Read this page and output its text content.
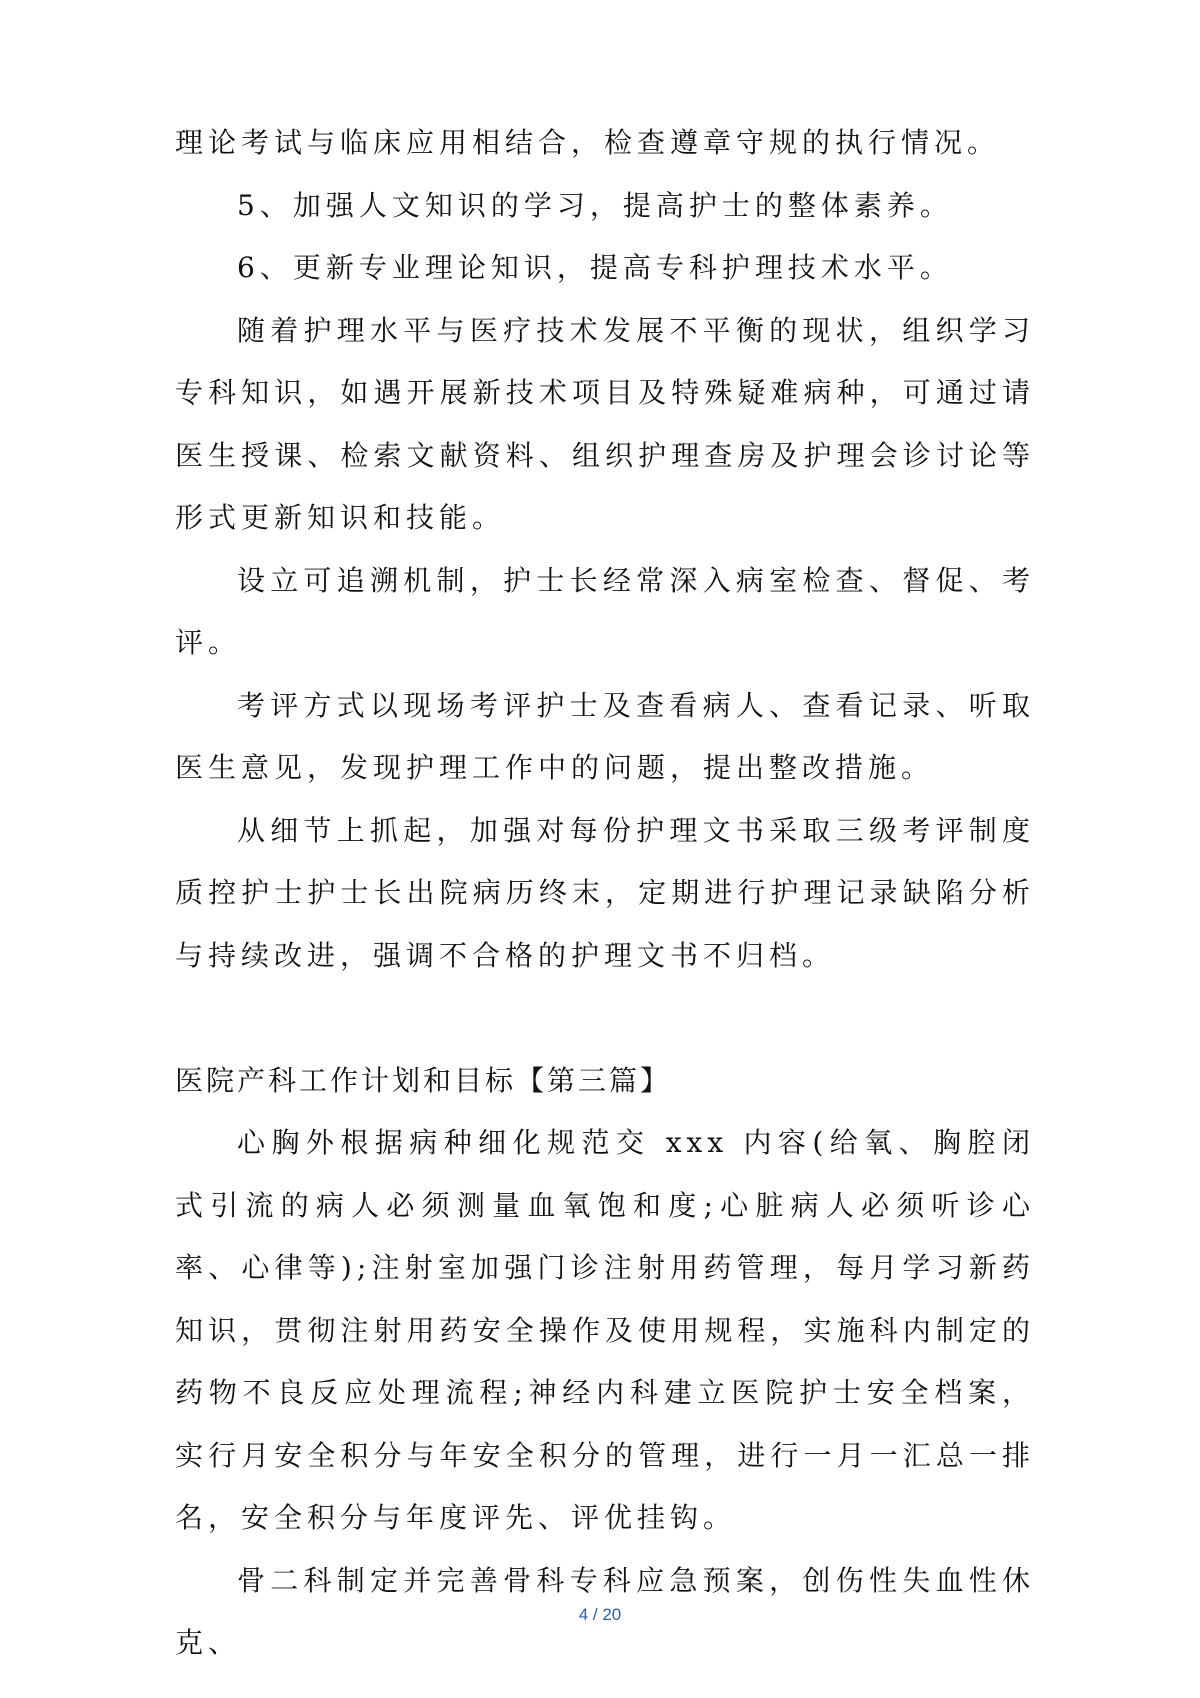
理论考试与临床应用相结合，检查遵章守规的执行情况。

5、加强人文知识的学习，提高护士的整体素养。

6、更新专业理论知识，提高专科护理技术水平。

随着护理水平与医疗技术发展不平衡的现状，组织学习专科知识，如遇开展新技术项目及特殊疑难病种，可通过请医生授课、检索文献资料、组织护理查房及护理会诊讨论等形式更新知识和技能。

设立可追溯机制，护士长经常深入病室检查、督促、考评。

考评方式以现场考评护士及查看病人、查看记录、听取医生意见，发现护理工作中的问题，提出整改措施。

从细节上抓起，加强对每份护理文书采取三级考评制度质控护士护士长出院病历终末，定期进行护理记录缺陷分析与持续改进，强调不合格的护理文书不归档。

医院产科工作计划和目标【第三篇】

心胸外根据病种细化规范交 xxx 内容(给氧、胸腔闭式引流的病人必须测量血氧饱和度;心脏病人必须听诊心率、心律等);注射室加强门诊注射用药管理，每月学习新药知识，贯彻注射用药安全操作及使用规程，实施科内制定的药物不良反应处理流程;神经内科建立医院护士安全档案，实行月安全积分与年安全积分的管理，进行一月一汇总一排名，安全积分与年度评先、评优挂钩。

骨二科制定并完善骨科专科应急预案，创伤性失血性休克、

4 / 20
